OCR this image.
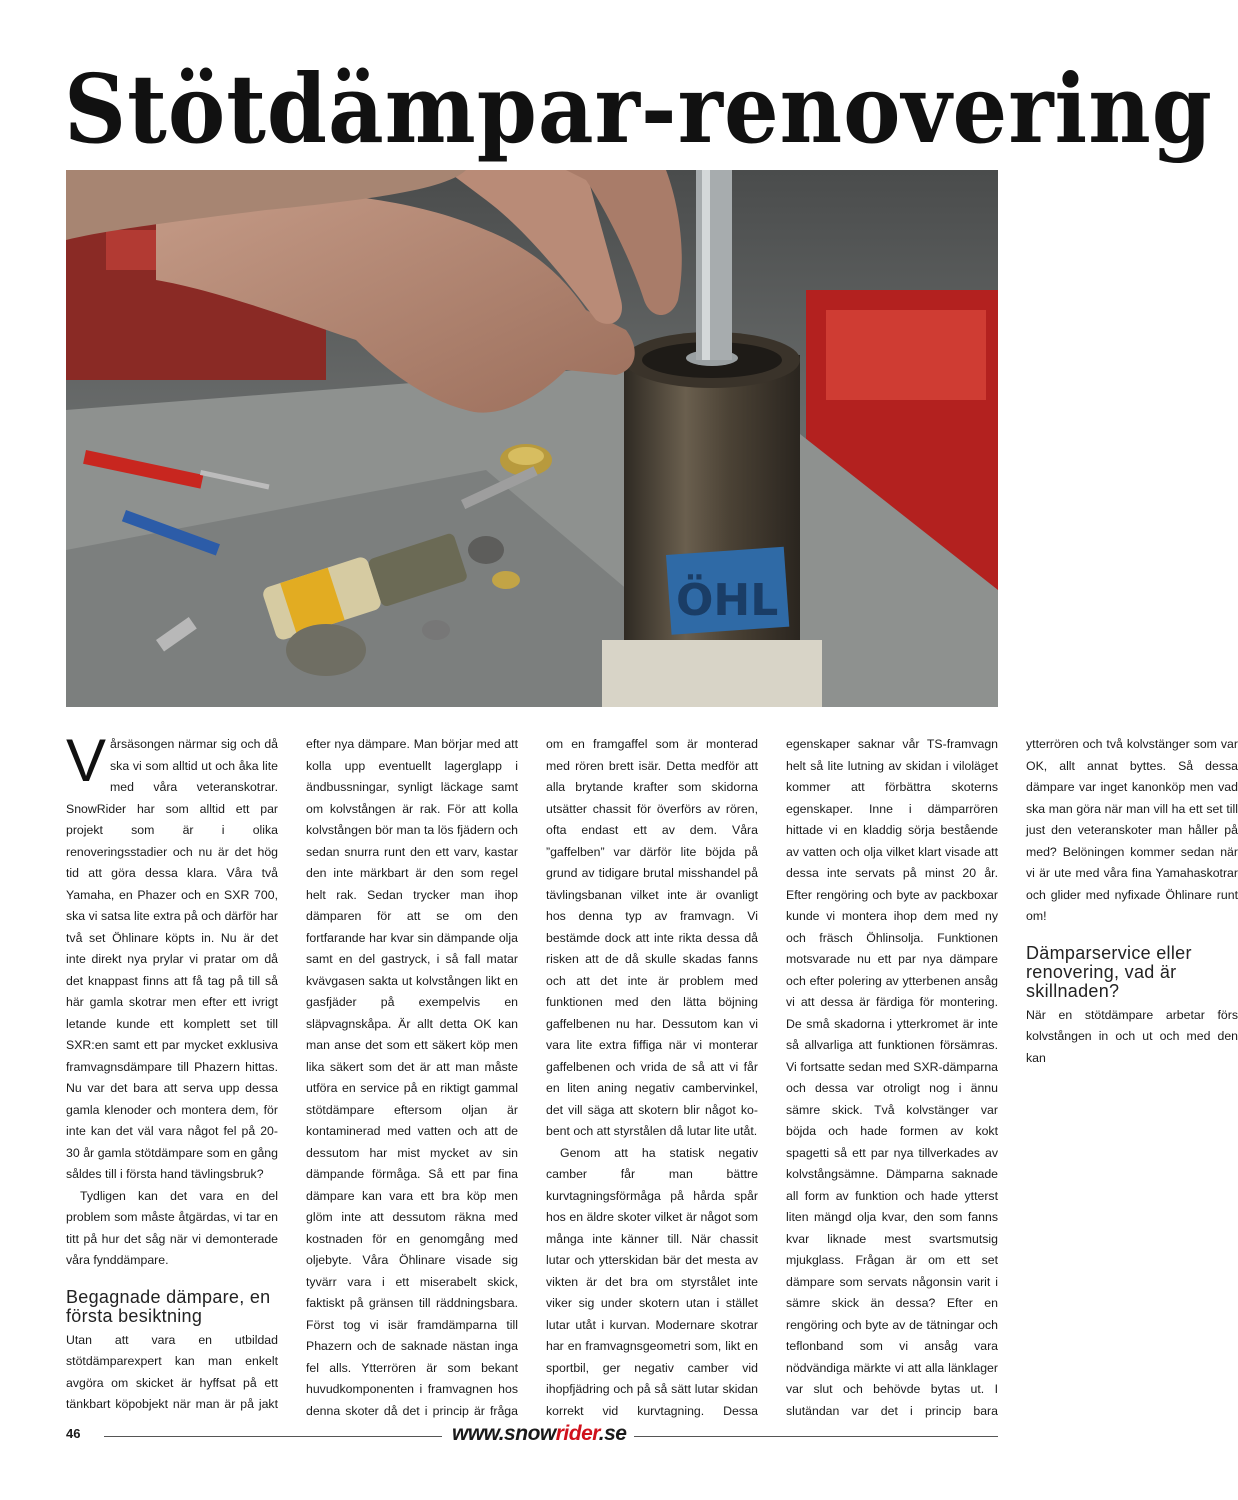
Stötdämpar-renovering
ÖHL

Vårsäsongen närmar sig och då ska vi som alltid ut och åka lite med våra veteranskotrar. SnowRider har som alltid ett par projekt som är i olika renoveringsstadier och nu är det hög tid att göra dessa klara. Våra två Yamaha, en Phazer och en SXR 700, ska vi satsa lite extra på och därför har två set Öhlinare köpts in. Nu är det inte direkt nya prylar vi pratar om då det knappast finns att få tag på till så här gamla skotrar men efter ett ivrigt letande kunde ett komplett set till SXR:en samt ett par mycket exklusiva framvagnsdämpare till Phazern hittas. Nu var det bara att serva upp dessa gamla klenoder och montera dem, för inte kan det väl vara något fel på 20-30 år gamla stötdämpare som en gång såldes till i första hand tävlingsbruk?

Tydligen kan det vara en del problem som måste åtgärdas, vi tar en titt på hur det såg när vi demonterade våra fynddämpare.

Begagnade dämpare, en första besiktning

Utan att vara en utbildad stötdämparexpert kan man enkelt avgöra om skicket är hyffsat på ett tänkbart köpobjekt när man är på jakt efter nya dämpare. Man börjar med att kolla upp eventuellt lagerglapp i ändbussningar, synligt läckage samt om kolvstången är rak. För att kolla kolvstången bör man ta lös fjädern och sedan snurra runt den ett varv, kastar den inte märkbart är den som regel helt rak. Sedan trycker man ihop dämparen för att se om den fortfarande har kvar sin dämpande olja samt en del gastryck, i så fall matar kvävgasen sakta ut kolvstången likt en gasfjäder på exempelvis en släpvagnskåpa. Är allt detta OK kan man anse det som ett säkert köp men lika säkert som det är att man måste utföra en service på en riktigt gammal stötdämpare eftersom oljan är kontaminerad med vatten och att de dessutom har mist mycket av sin dämpande förmåga. Så ett par fina dämpare kan vara ett bra köp men glöm inte att dessutom räkna med kostnaden för en genomgång med oljebyte. Våra Öhlinare visade sig tyvärr vara i ett miserabelt skick, faktiskt på gränsen till räddningsbara. Först tog vi isär framdämparna till Phazern och de saknade nästan inga fel alls. Ytterrören är som bekant huvudkomponenten i framvagnen hos denna skoter då det i princip är fråga om en framgaffel som är monterad med rören brett isär. Detta medför att alla brytande krafter som skidorna utsätter chassit för överförs av rören, ofta endast ett av dem. Våra ”gaffelben” var därför lite böjda på grund av tidigare brutal misshandel på tävlingsbanan vilket inte är ovanligt hos denna typ av framvagn. Vi bestämde dock att inte rikta dessa då risken att de då skulle skadas fanns och att det inte är problem med funktionen med den lätta böjning gaffelbenen nu har. Dessutom kan vi vara lite extra fiffiga när vi monterar gaffelbenen och vrida de så att vi får en liten aning negativ cambervinkel, det vill säga att skotern blir något ko-bent och att styrstålen då lutar lite utåt.

Genom att ha statisk negativ camber får man bättre kurvtagningsförmåga på hårda spår hos en äldre skoter vilket är något som många inte känner till. När chassit lutar och ytterskidan bär det mesta av vikten är det bra om styrstålet inte viker sig under skotern utan i stället lutar utåt i kurvan. Modernare skotrar har en framvagnsgeometri som, likt en sportbil, ger negativ camber vid ihopfjädring och på så sätt lutar skidan korrekt vid kurvtagning. Dessa egenskaper saknar vår TS-framvagn helt så lite lutning av skidan i viloläget kommer att förbättra skoterns egenskaper. Inne i dämparrören hittade vi en kladdig sörja bestående av vatten och olja vilket klart visade att dessa inte servats på minst 20 år. Efter rengöring och byte av packboxar kunde vi montera ihop dem med ny och fräsch Öhlinsolja. Funktionen motsvarade nu ett par nya dämpare och efter polering av ytterbenen ansåg vi att dessa är färdiga för montering. De små skadorna i ytterkromet är inte så allvarliga att funktionen försämras. Vi fortsatte sedan med SXR-dämparna och dessa var otroligt nog i ännu sämre skick. Två kolvstänger var böjda och hade formen av kokt spagetti så ett par nya tillverkades av kolvstångsämne. Dämparna saknade all form av funktion och hade ytterst liten mängd olja kvar, den som fanns kvar liknade mest svartsmutsig mjukglass. Frågan är om ett set dämpare som servats någonsin varit i sämre skick än dessa? Efter en rengöring och byte av de tätningar och teflonband som vi ansåg vara nödvändiga märkte vi att alla länklager var slut och behövde bytas ut. I slutändan var det i princip bara ytterrören och två kolvstänger som var OK, allt annat byttes. Så dessa dämpare var inget kanonköp men vad ska man göra när man vill ha ett set till just den veteranskoter man håller på med? Belöningen kommer sedan när vi är ute med våra fina Yamahaskotrar och glider med nyfixade Öhlinare runt om!

Dämparservice eller renovering, vad är skillnaden?

När en stötdämpare arbetar förs kolvstången in och ut och med den kan

46	www.snowrider.se
